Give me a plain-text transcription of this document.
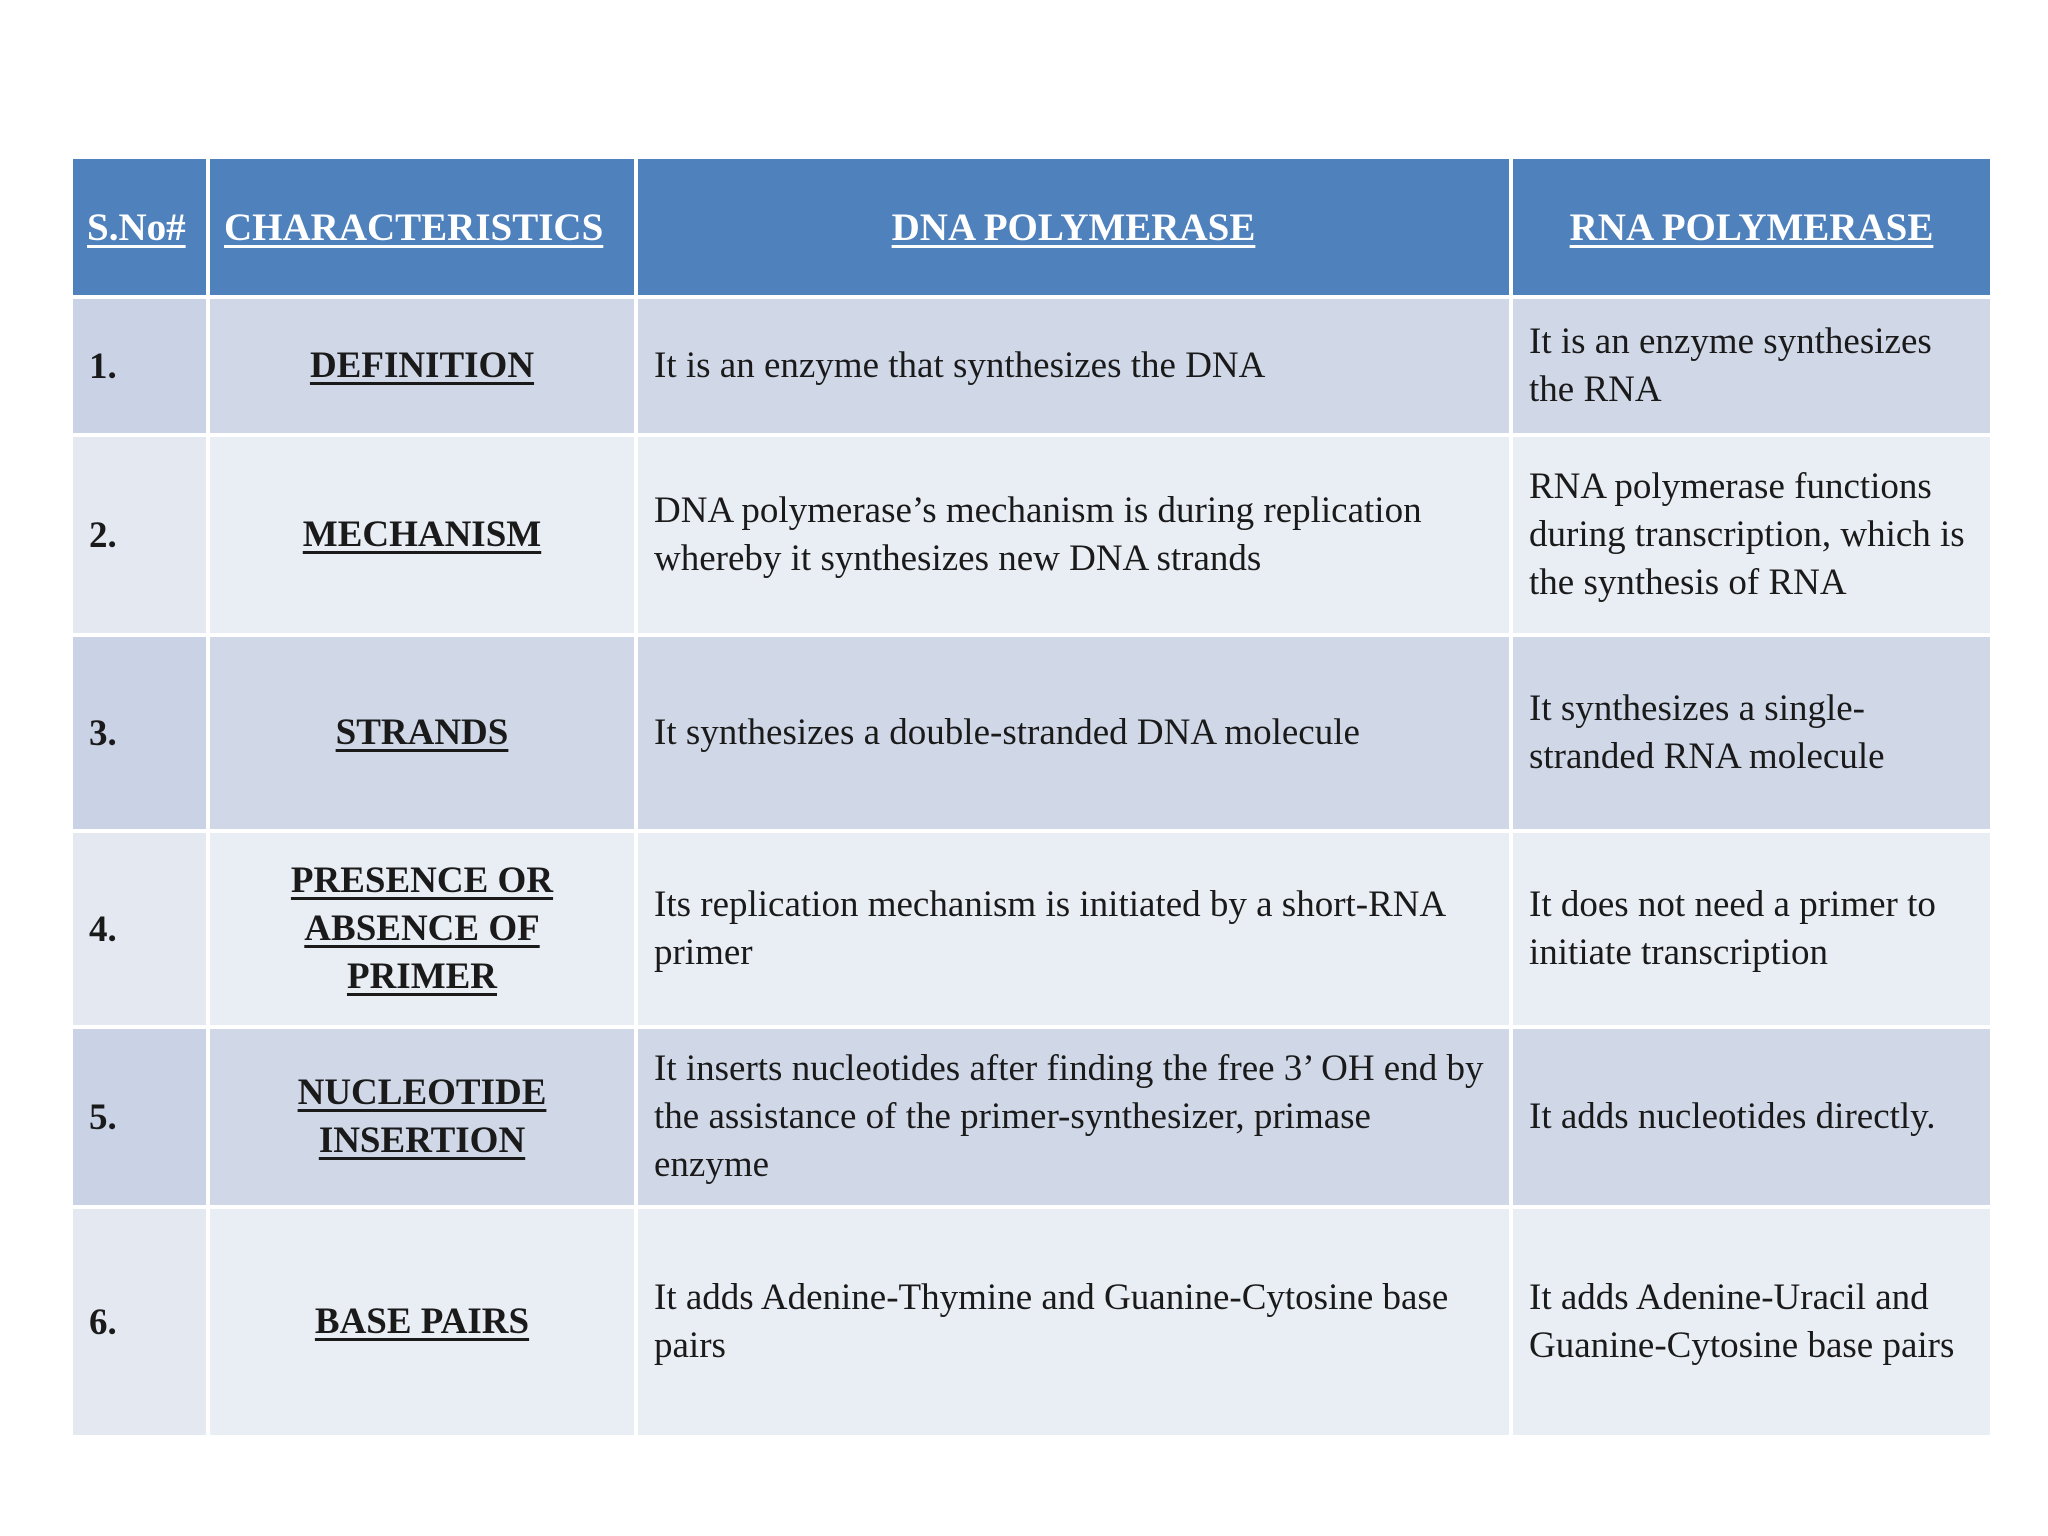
S.No#	CHARACTERISTICS	DNA POLYMERASE	RNA POLYMERASE
1.	DEFINITION	It is an enzyme that synthesizes the DNA	It is an enzyme synthesizes the RNA
2.	MECHANISM	DNA polymerase’s mechanism is during replication whereby it synthesizes new DNA strands	RNA polymerase functions during transcription, which is the synthesis of RNA
3.	STRANDS	It synthesizes a double-stranded DNA molecule	It synthesizes a single-stranded RNA molecule
4.	PRESENCE OR ABSENCE OF PRIMER	Its replication mechanism is initiated by a short-RNA primer	It does not need a primer to initiate transcription
5.	NUCLEOTIDE INSERTION	It inserts nucleotides after finding the free 3’ OH end by the assistance of the primer-synthesizer, primase enzyme	It adds nucleotides directly.
6.	BASE PAIRS	It adds Adenine-Thymine and Guanine-Cytosine base pairs	It adds Adenine-Uracil and Guanine-Cytosine base pairs
